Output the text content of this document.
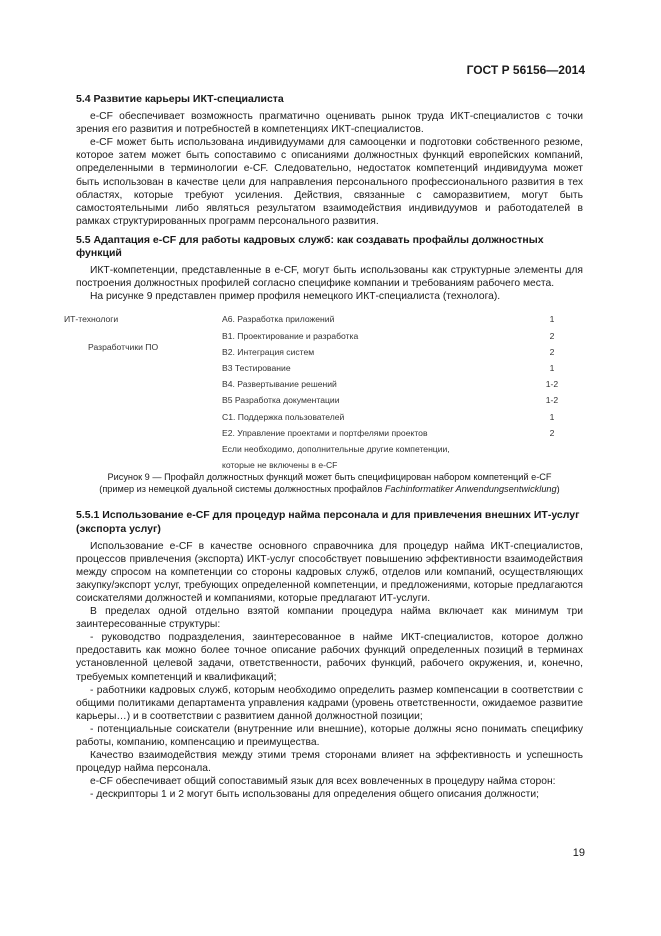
ГОСТ Р 56156—2014
5.4 Развитие карьеры ИКТ-специалиста

e-CF обеспечивает возможность прагматично оценивать рынок труда ИКТ-специалистов с точки зрения его развития и потребностей в компетенциях ИКТ-специалистов.

e-CF может быть использована индивидуумами для самооценки и подготовки собственного резюме, которое затем может быть сопоставимо с описаниями должностных функций европейских компаний, определенными в терминологии e-CF. Следовательно, недостаток компетенций индивидуума может быть использован в качестве цели для направления персонального профессионального развития в тех областях, которые требуют усиления. Действия, связанные с саморазвитием, могут быть самостоятельными либо являться результатом взаимодействия индивидуумов и работодателей в рамках структурированных программ персонального развития.

5.5 Адаптация e-CF для работы кадровых служб: как создавать профайлы должностных функций

ИКТ-компетенции, представленные в e-CF, могут быть использованы как структурные элементы для построения должностных профилей согласно специфике компании и требованиям рабочего места.

На рисунке 9 представлен пример профиля немецкого ИКТ-специалиста (технолога).

ИТ-технологи
Разработчики ПО
А6. Разработка приложений	1
В1. Проектирование и разработка	2
В2. Интеграция систем	2
В3 Тестирование	1
В4. Развертывание решений	1-2
В5 Разработка документации	1-2
С1. Поддержка пользователей	1
Е2. Управление проектами и портфелями проектов	2
Если необходимо, дополнительные другие компетенции,
которые не включены в e-CF
Рисунок 9 — Профайл должностных функций может быть специфицирован набором компетенций e-CF
(пример из немецкой дуальной системы должностных профайлов Fachinformatiker Anwendungsentwicklung)
5.5.1 Использование e-CF для процедур найма персонала и для привлечения внешних ИТ-услуг (экспорта услуг)

Использование e-CF в качестве основного справочника для процедур найма ИКТ-специалистов, процессов привлечения (экспорта) ИКТ-услуг способствует повышению эффективности взаимодействия между спросом на компетенции со стороны кадровых служб, отделов или компаний, осуществляющих закупку/экспорт услуг, требующих определенной компетенции, и предложениями, которые предлагаются соискателями должностей и компаниями, которые предлагают ИТ-услуги.

В пределах одной отдельно взятой компании процедура найма включает как минимум три заинтересованные структуры:

- руководство подразделения, заинтересованное в найме ИКТ-специалистов, которое должно предоставить как можно более точное описание рабочих функций определенных позиций в терминах установленной целевой задачи, ответственности, рабочих функций, рабочего окружения, и, конечно, требуемых компетенций и квалификаций;

- работники кадровых служб, которым необходимо определить размер компенсации в соответствии с общими политиками департамента управления кадрами (уровень ответственности, ожидаемое развитие карьеры…) и в соответствии с развитием данной должностной позиции;

- потенциальные соискатели (внутренние или внешние), которые должны ясно понимать специфику работы, компанию, компенсацию и преимущества.

Качество взаимодействия между этими тремя сторонами влияет на эффективность и успешность процедур найма персонала.

e-CF обеспечивает общий сопоставимый язык для всех вовлеченных в процедуру найма сторон:

- дескрипторы 1 и 2 могут быть использованы для определения общего описания должности;

19
